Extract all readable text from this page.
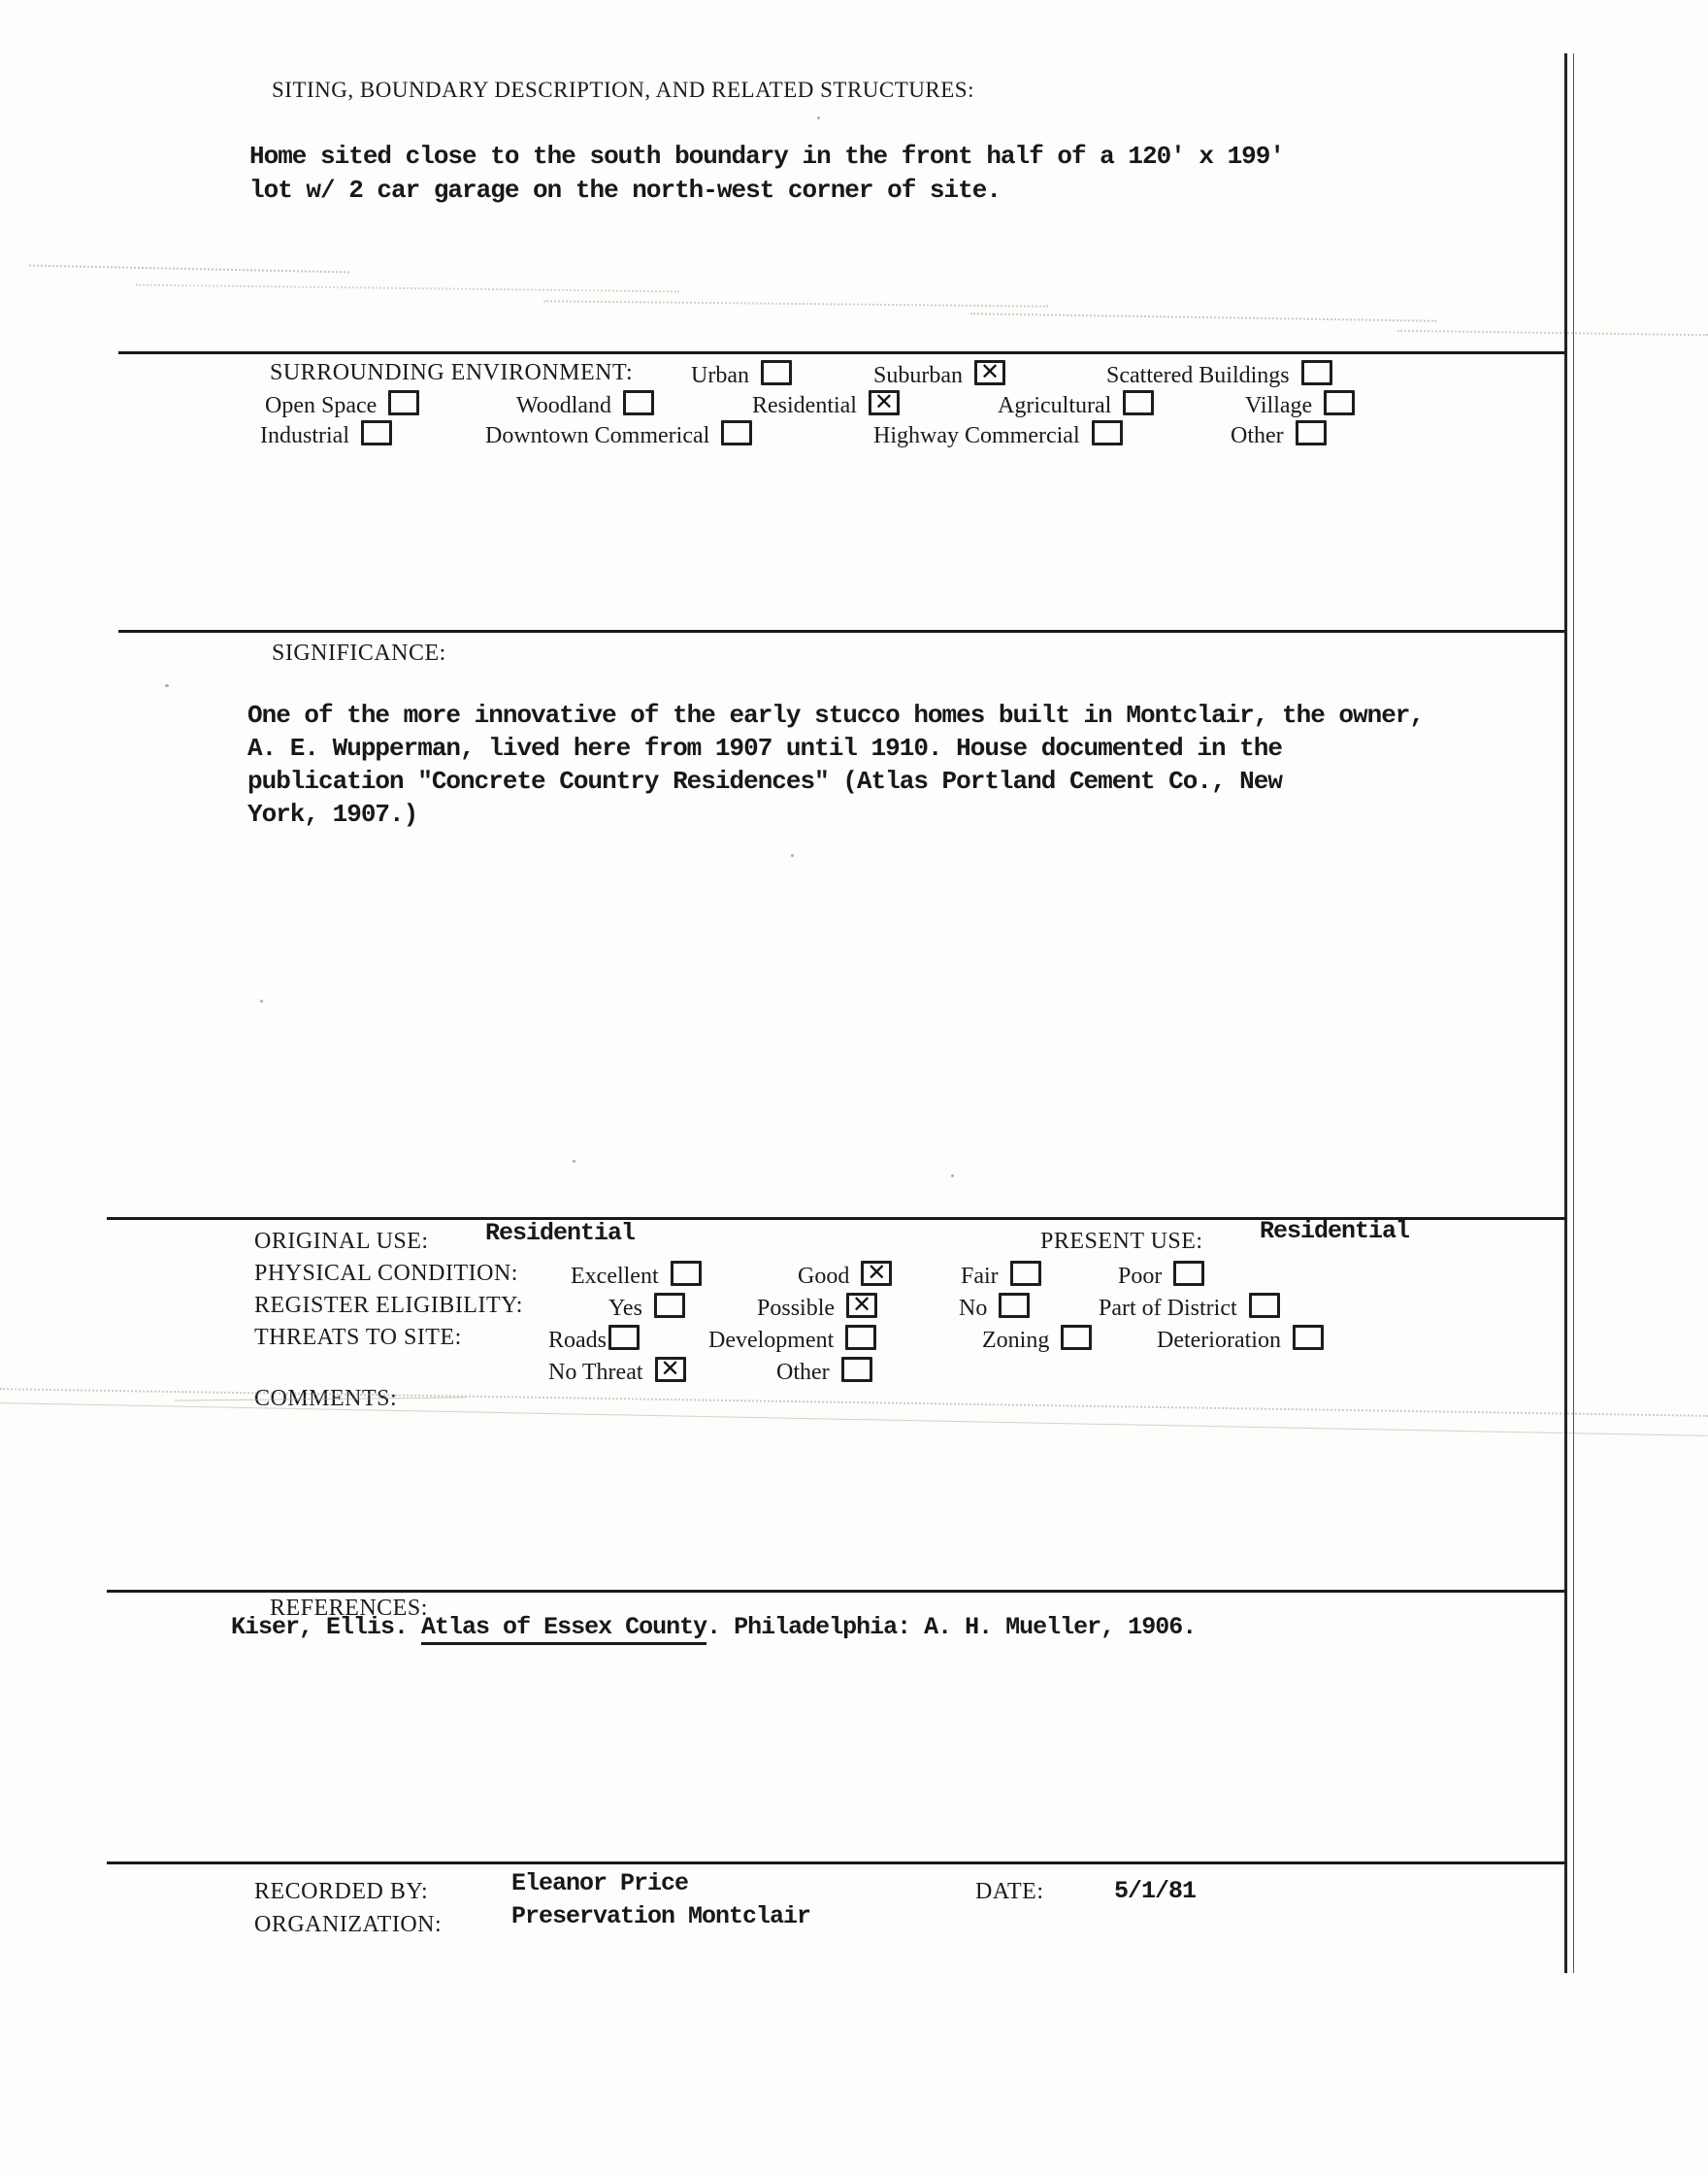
SITING, BOUNDARY DESCRIPTION, AND RELATED STRUCTURES:
Home sited close to the south boundary in the front half of a 120' x 199'
lot w/ 2 car garage on the north-west corner of site.
SURROUNDING ENVIRONMENT: Urban	Suburban ✕	Scattered Buildings
Open Space	Woodland	Residential ✕	Agricultural	Village
Industrial	Downtown Commerical	Highway Commercial	Other
SIGNIFICANCE:
One of the more innovative of the early stucco homes built in Montclair, the owner,
A. E. Wupperman, lived here from 1907 until 1910. House documented in the
publication "Concrete Country Residences" (Atlas Portland Cement Co., New
York, 1907.)
ORIGINAL USE: Residential	PRESENT USE: Residential
PHYSICAL CONDITION: Excellent	Good ✕	Fair	Poor
REGISTER ELIGIBILITY:	Yes	Possible ✕	No	Part of District
THREATS TO SITE:	Roads	Development	Zoning	Deterioration
No Threat ✕	Other
COMMENTS:
REFERENCES:
Kiser, Ellis. Atlas of Essex County. Philadelphia: A. H. Mueller, 1906.
RECORDED BY:	Eleanor Price	DATE:	5/1/81
ORGANIZATION:	Preservation Montclair
